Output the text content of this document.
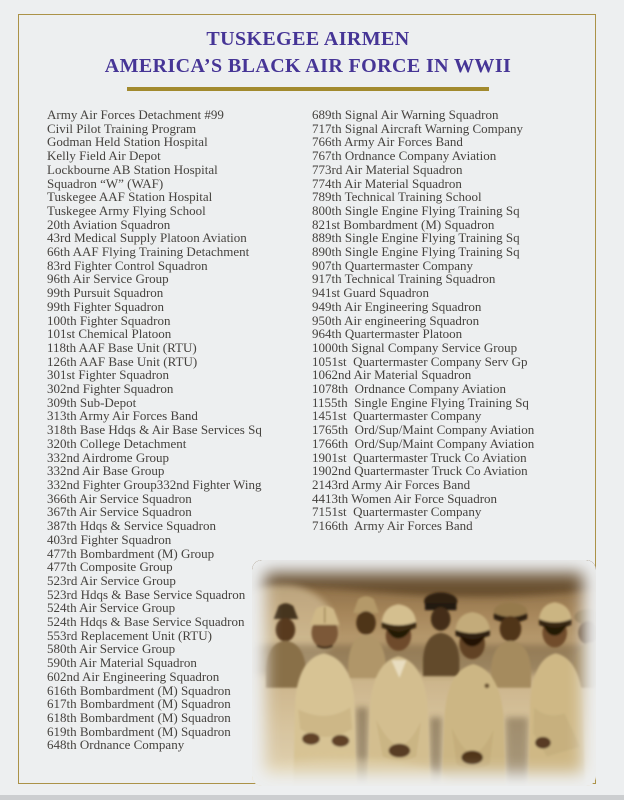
TUSKEGEE AIRMEN
AMERICA’S BLACK AIR FORCE IN WWII
Army Air Forces Detachment #99
Civil Pilot Training Program
Godman Held Station Hospital
Kelly Field Air Depot
Lockbourne AB Station Hospital
Squadron “W” (WAF)
Tuskegee AAF Station Hospital
Tuskegee Army Flying School
20th Aviation Squadron
43rd Medical Supply Platoon Aviation
66th AAF Flying Training Detachment
83rd Fighter Control Squadron
96th Air Service Group
99th Pursuit Squadron
99th Fighter Squadron
100th Fighter Squadron
101st Chemical Platoon
118th AAF Base Unit (RTU)
126th AAF Base Unit (RTU)
301st Fighter Squadron
302nd Fighter Squadron
309th Sub-Depot
313th Army Air Forces Band
318th Base Hdqs & Air Base Services Sq
320th College Detachment
332nd Airdrome Group
332nd Air Base Group
332nd Fighter Group332nd Fighter Wing
366th Air Service Squadron
367th Air Service Squadron
387th Hdqs & Service Squadron
403rd Fighter Squadron
477th Bombardment (M) Group
477th Composite Group
523rd Air Service Group
523rd Hdqs & Base Service Squadron
524th Air Service Group
524th Hdqs & Base Service Squadron
553rd Replacement Unit (RTU)
580th Air Service Group
590th Air Material Squadron
602nd Air Engineering Squadron
616th Bombardment (M) Squadron
617th Bombardment (M) Squadron
618th Bombardment (M) Squadron
619th Bombardment (M) Squadron
648th Ordnance Company
689th Signal Air Warning Squadron
717th Signal Aircraft Warning Company
766th Army Air Forces Band
767th Ordnance Company Aviation
773rd Air Material Squadron
774th Air Material Squadron
789th Technical Training School
800th Single Engine Flying Training Sq
821st Bombardment (M) Squadron
889th Single Engine Flying Training Sq
890th Single Engine Flying Training Sq
907th Quartermaster Company
917th Technical Training Squadron
941st Guard Squadron
949th Air Engineering Squadron
950th Air engineering Squadron
964th Quartermaster Platoon
1000th Signal Company Service Group
1051st  Quartermaster Company Serv Gp
1062nd Air Material Squadron
1078th  Ordnance Company Aviation
1155th  Single Engine Flying Training Sq
1451st  Quartermaster Company
1765th  Ord/Sup/Maint Company Aviation
1766th  Ord/Sup/Maint Company Aviation
1901st  Quartermaster Truck Co Aviation
1902nd Quartermaster Truck Co Aviation
2143rd Army Air Forces Band
4413th Women Air Force Squadron
7151st  Quartermaster Company
7166th  Army Air Forces Band
